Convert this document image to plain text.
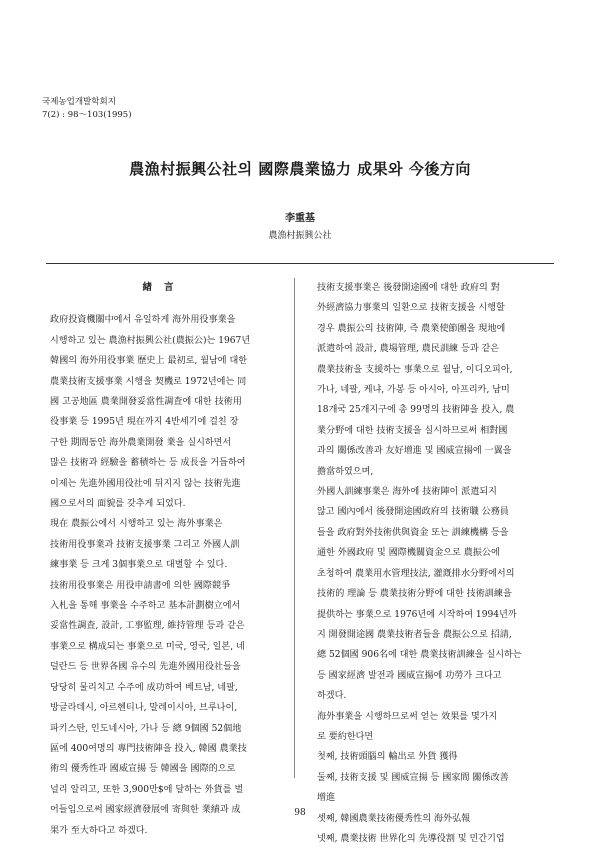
국제농업개발학회지
7(2) : 98～103(1995)
農漁村振興公社의 國際農業協力 成果와 今後方向
李重基
農漁村振興公社
緖言

政府投資機關中에서 유일하게 海外用役事業을

시행하고 있는 農漁村振興公社(農振公)는 1967년

韓國의 海外用役事業 歷史上 最初로, 월남에 대한

農業技術支援事業 시행을 契機로 1972년에는 同

國 고공地區 農業開發妥當性調査에 대한 技術用

役事業 등 1995년 現在까지 4반세기에 걸친 장

구한 期間동안 海外農業開發 業을 실시하면서

많은 技術과 經驗을 蓄積하는 등 成長을 거듭하여

이제는 先進外國用役社에 뒤지지 않는 技術先進

國으로서의 面貌를 갖추게 되었다.

現在 農振公에서 시행하고 있는 海外事業은

技術用役事業과 技術支援事業 그리고 外國人訓

練事業 등 크게 3個事業으로 대별할 수 있다.

技術用役事業은 用役申請書에 의한 國際競爭

入札을 통해 事業을 수주하고 基本計劃樹立에서

妥當性調査, 設計, 工事監理, 維持管理 등과 같은

事業으로 構成되는 事業으로 미국, 영국, 일본, 네

덜란드 등 世界各國 유수의 先進外國用役社들을

당당히 물리치고 수주에 成功하여 베트남, 네팔,

방글라데시, 아르헨티나, 말레이시아, 브루나이,

파키스탄, 인도네시아, 가나 등 總 9個國 52個地

區에 400여명의 專門技術陣을 投入, 韓國 農業技

術의 優秀性과 國威宣揚 등 韓國을 國際的으로

널리 알리고, 또한 3,900만$에 달하는 外貨를 벌

어들임으로써 國家經濟發展에 寄與한 業績과 成

果가 至大하다고 하겠다.

技術支援事業은 後發開途國에 대한 政府의 對

外經濟協力事業의 일환으로 技術支援을 시행할

경우 農振公의 技術陣, 즉 農業使節團을 現地에

派遣하여 設計, 農場管理, 農民訓練 등과 같은

農業技術을 支援하는 事業으로 월남, 이디오피아,

가나, 네팔, 케냐, 가봉 등 아시아, 아프리카, 남미

18개국 25개지구에 총 99명의 技術陣을 投入, 農

業分野에 대한 技術支援을 실시하므로써 相對國

과의 關係改善과 友好增進 및 國威宣揚에 一翼을

擔當하였으며,

外國人訓練事業은 海外에 技術陣이 派遣되지

않고 國內에서 後發開途國政府의 技術職 公務員

들을 政府對外技術供與資金 또는 訓練機構 등을

通한 外國政府 및 國際機關資金으로 農振公에

초청하여 農業用水管理技法, 灌漑排水分野에서의

技術的 理論 등 農業技術分野에 대한 技術訓練을

提供하는 事業으로 1976년에 시작하여 1994년까

지 開發開途國 農業技術者들을 農振公으로 招請,

總 52個國 906名에 대한 農業技術訓練을 실시하는

등 國家經濟 발전과 國威宣揚에 功勞가 크다고

하겠다.

海外事業을 시행하므로써 얻는 效果를 몇가지

로 要約한다면

첫째, 技術頭腦의 輸出로 外貨 獲得

둘째, 技術支援 및 國威宣揚 등 國家間 關係改善

增進

셋째, 韓國農業技術優秀性의 海外弘報

넷째, 農業技術 世界化의 先導役割 및 민간기업

98
